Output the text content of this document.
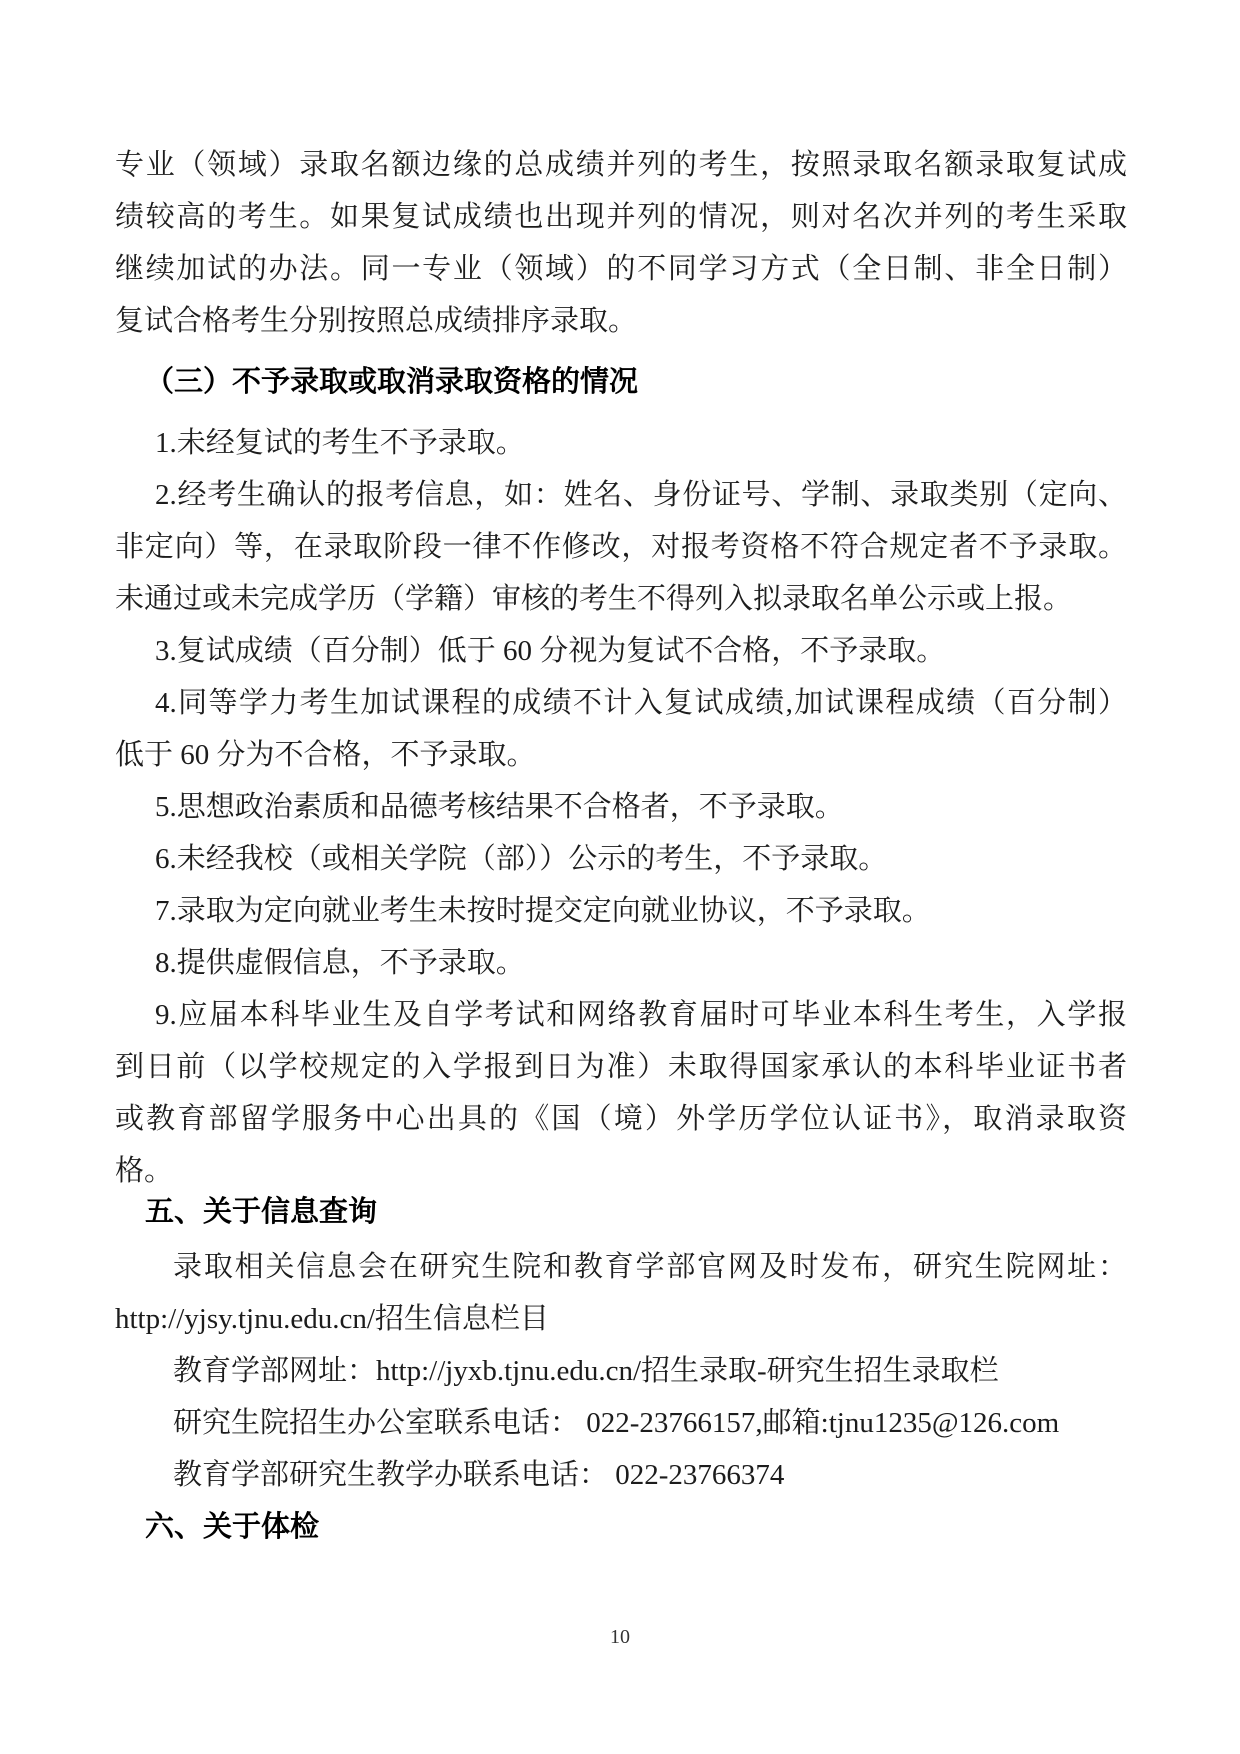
专业（领域）录取名额边缘的总成绩并列的考生，按照录取名额录取复试成
绩较高的考生。如果复试成绩也出现并列的情况，则对名次并列的考生采取
继续加试的办法。同一专业（领域）的不同学习方式（全日制、非全日制）
复试合格考生分别按照总成绩排序录取。
（三）不予录取或取消录取资格的情况
1.未经复试的考生不予录取。
2.经考生确认的报考信息，如：姓名、身份证号、学制、录取类别（定向、
非定向）等，在录取阶段一律不作修改，对报考资格不符合规定者不予录取。
未通过或未完成学历（学籍）审核的考生不得列入拟录取名单公示或上报。
3.复试成绩（百分制）低于 60 分视为复试不合格，不予录取。
4.同等学力考生加试课程的成绩不计入复试成绩,加试课程成绩（百分制）
低于 60 分为不合格，不予录取。
5.思想政治素质和品德考核结果不合格者，不予录取。
6.未经我校（或相关学院（部））公示的考生，不予录取。
7.录取为定向就业考生未按时提交定向就业协议，不予录取。
8.提供虚假信息，不予录取。
9.应届本科毕业生及自学考试和网络教育届时可毕业本科生考生，入学报
到日前（以学校规定的入学报到日为准）未取得国家承认的本科毕业证书者
或教育部留学服务中心出具的《国（境）外学历学位认证书》，取消录取资
格。
五、关于信息查询
录取相关信息会在研究生院和教育学部官网及时发布，研究生院网址：
http://yjsy.tjnu.edu.cn/招生信息栏目
教育学部网址：http://jyxb.tjnu.edu.cn/招生录取-研究生招生录取栏
研究生院招生办公室联系电话： 022-23766157,邮箱:tjnu1235@126.com
教育学部研究生教学办联系电话： 022-23766374
六、关于体检
10
